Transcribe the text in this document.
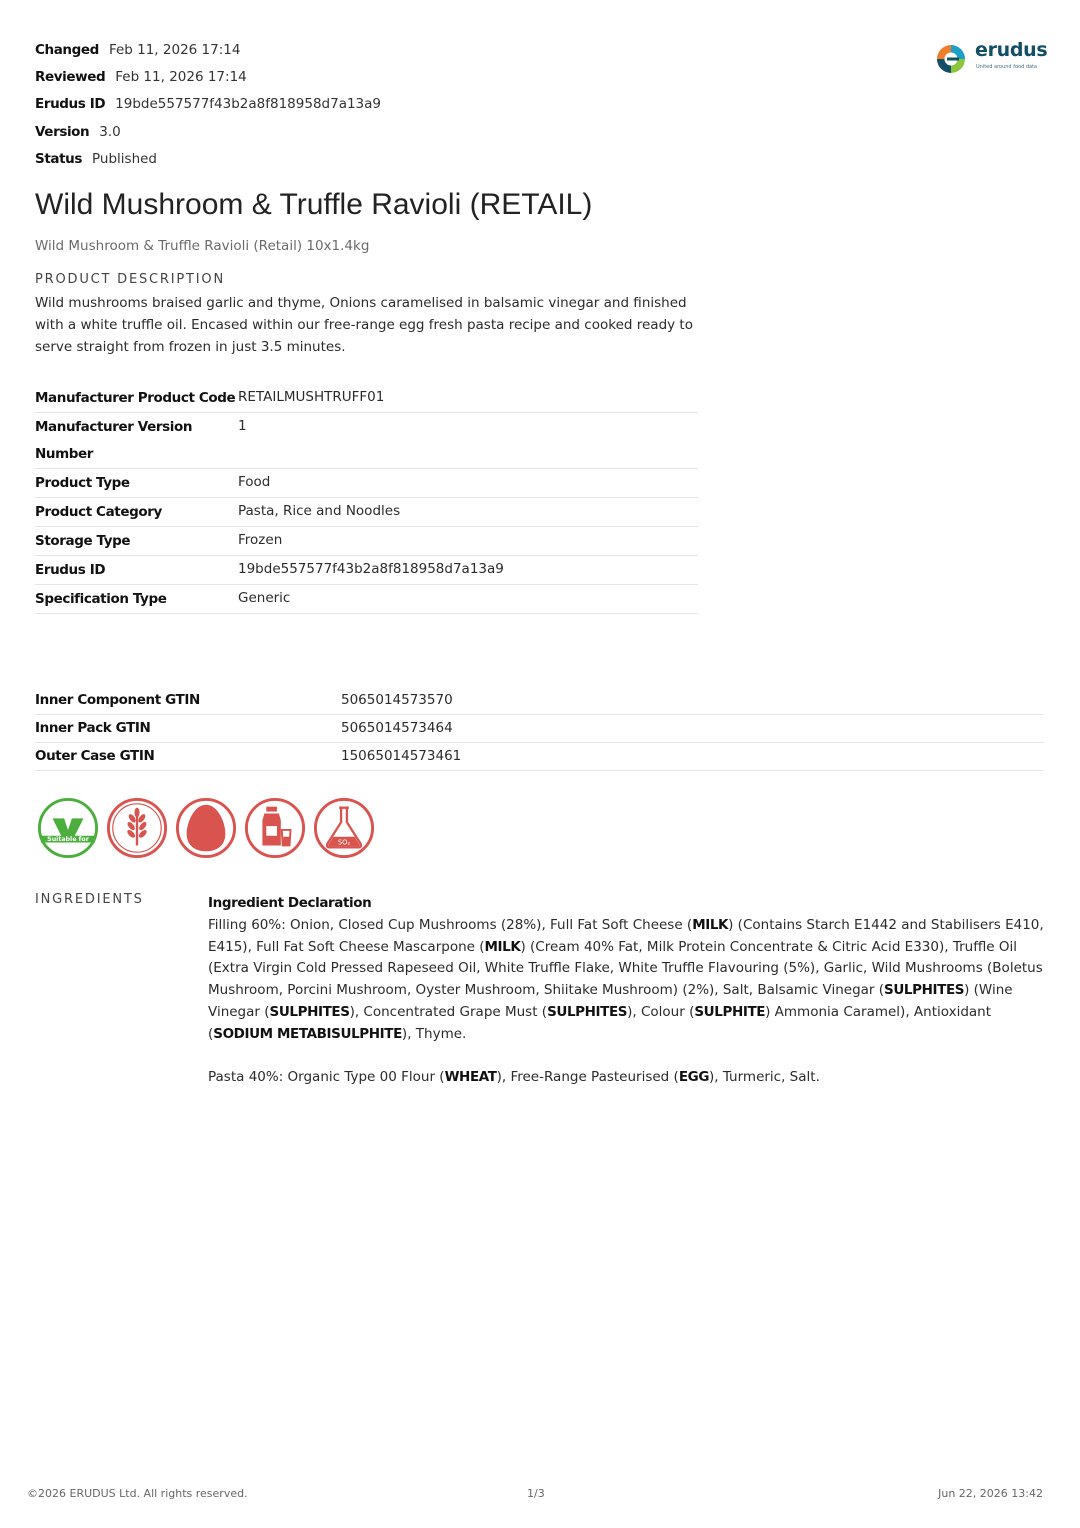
Changed Feb 11, 2026 17:14
Reviewed Feb 11, 2026 17:14
Erudus ID 19bde557577f43b2a8f818958d7a13a9
Version 3.0
Status Published
erudus
United around food data
Wild Mushroom & Truffle Ravioli (RETAIL)
Wild Mushroom & Truffle Ravioli (Retail) 10x1.4kg
PRODUCT DESCRIPTION
Wild mushrooms braised garlic and thyme, Onions caramelised in balsamic vinegar and finished with a white truffle oil. Encased within our free-range egg fresh pasta recipe and cooked ready to serve straight from frozen in just 3.5 minutes.
Manufacturer Product Code	RETAILMUSHTRUFF01
Manufacturer Version Number	1
Product Type	Food
Product Category	Pasta, Rice and Noodles
Storage Type	Frozen
Erudus ID	19bde557577f43b2a8f818958d7a13a9
Specification Type	Generic
Inner Component GTIN	5065014573570
Inner Pack GTIN	5065014573464
Outer Case GTIN	15065014573461
Suitable for	SO₂
INGREDIENTS	Ingredient Declaration

Filling 60%: Onion, Closed Cup Mushrooms (28%), Full Fat Soft Cheese (MILK) (Contains Starch E1442 and Stabilisers E410, E415), Full Fat Soft Cheese Mascarpone (MILK) (Cream 40% Fat, Milk Protein Concentrate & Citric Acid E330), Truffle Oil (Extra Virgin Cold Pressed Rapeseed Oil, White Truffle Flake, White Truffle Flavouring (5%), Garlic, Wild Mushrooms (Boletus Mushroom, Porcini Mushroom, Oyster Mushroom, Shiitake Mushroom) (2%), Salt, Balsamic Vinegar (SULPHITES) (Wine Vinegar (SULPHITES), Concentrated Grape Must (SULPHITES), Colour (SULPHITE) Ammonia Caramel), Antioxidant (SODIUM METABISULPHITE), Thyme.

Pasta 40%: Organic Type 00 Flour (WHEAT), Free-Range Pasteurised (EGG), Turmeric, Salt.

©2026 ERUDUS Ltd. All rights reserved.	1/3	Jun 22, 2026 13:42
